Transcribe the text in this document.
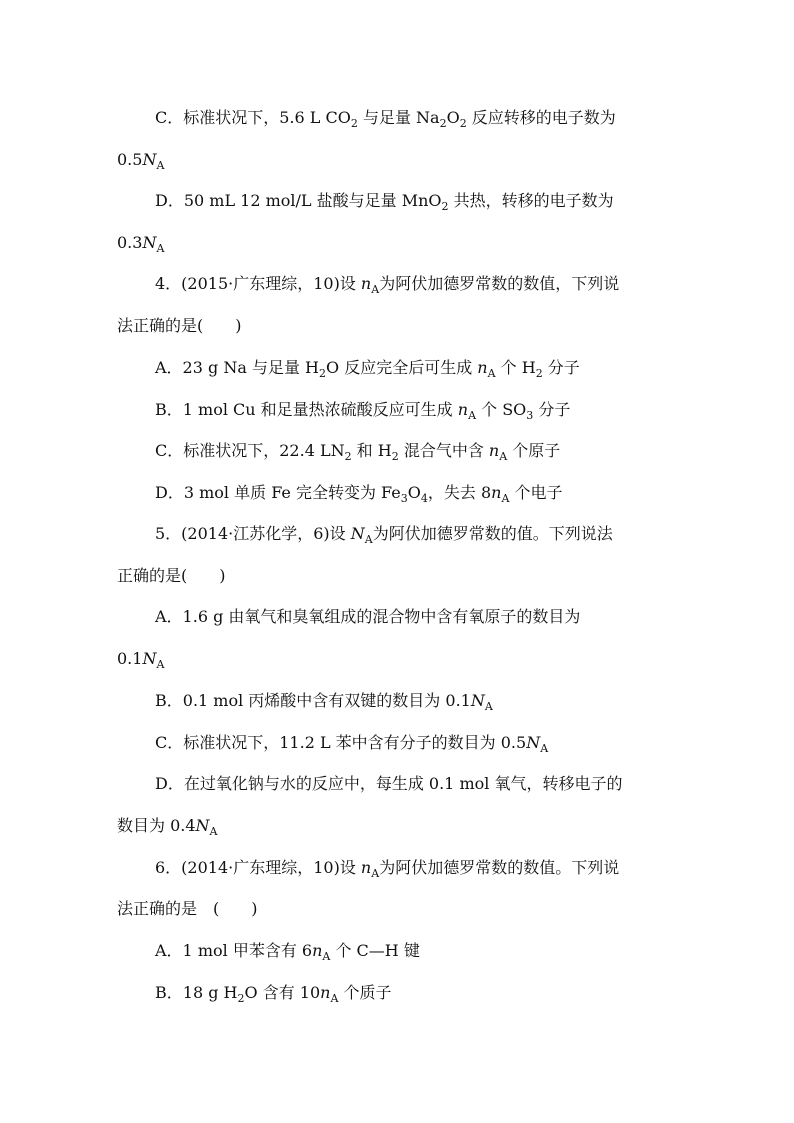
C．标准状况下，5.6 L $CO_2$ 与足量 $Na_2O_2$ 反应转移的电子数为
$0.5N_A$
D．50 mL 12 mol/L 盐酸与足量 MnO$_2$ 共热，转移的电子数为
$0.3N_A$
4．(2015·广东理综，10)设 $n_A$为阿伏加德罗常数的数值，下列说
法正确的是(　　)
A．23 g Na 与足量 $H_2O$ 反应完全后可生成 $n_A$ 个 $H_2$ 分子
B．1 mol Cu 和足量热浓硫酸反应可生成 $n_A$ 个 $SO_3$ 分子
C．标准状况下，22.4 $LN_2$ 和 $H_2$ 混合气中含 $n_A$ 个原子
D．3 mol 单质 Fe 完全转变为 $Fe_3O_4$，失去 $8n_A$ 个电子
5．(2014·江苏化学，6)设 $N_A$为阿伏加德罗常数的值。下列说法
正确的是(　　)
A．1.6 g 由氧气和臭氧组成的混合物中含有氧原子的数目为
$0.1N_A$
B．0.1 mol 丙烯酸中含有双键的数目为 $0.1N_A$
C．标准状况下，11.2 L 苯中含有分子的数目为 $0.5N_A$
D．在过氧化钠与水的反应中，每生成 0.1 mol 氧气，转移电子的
数目为 $0.4N_A$
6．(2014·广东理综，10)设 $n_A$为阿伏加德罗常数的数值。下列说
法正确的是　(　　)
A．1 mol 甲苯含有 $6n_A$ 个 C—H 键
B．18 g $H_2O$ 含有 $10n_A$ 个质子
